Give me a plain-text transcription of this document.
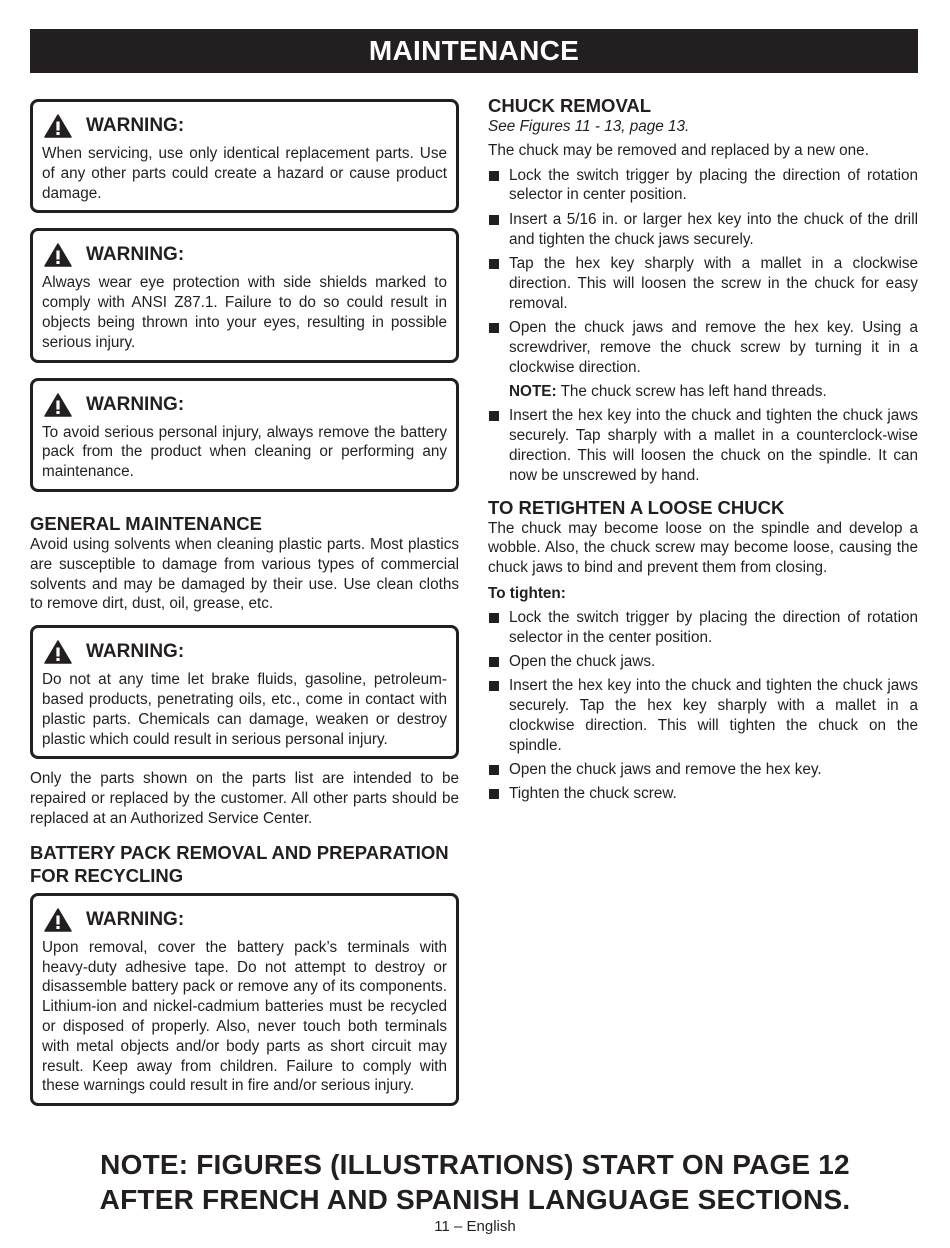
MAINTENANCE
WARNING:
When servicing, use only identical replacement parts. Use of any other parts could create a hazard or cause product damage.
WARNING:
Always wear eye protection with side shields marked to comply with ANSI Z87.1. Failure to do so could result in objects being thrown into your eyes, resulting in possible serious injury.
WARNING:
To avoid serious personal injury, always remove the battery pack from the product when cleaning or performing any maintenance.
GENERAL MAINTENANCE

Avoid using solvents when cleaning plastic parts. Most plastics are susceptible to damage from various types of commercial solvents and may be damaged by their use. Use clean cloths to remove dirt, dust, oil, grease, etc.

WARNING:
Do not at any time let brake fluids, gasoline, petroleum-based products, penetrating oils, etc., come in contact with plastic parts. Chemicals can damage, weaken or destroy plastic which could result in serious personal injury.

Only the parts shown on the parts list are intended to be repaired or replaced by the customer. All other parts should be replaced at an Authorized Service Center.

BATTERY PACK REMOVAL AND PREPARATION FOR RECYCLING
WARNING:
Upon removal, cover the battery pack’s terminals with heavy-duty adhesive tape. Do not attempt to destroy or disassemble battery pack or remove any of its components. Lithium-ion and nickel-cadmium batteries must be recycled or disposed of properly. Also, never touch both terminals with metal objects and/or body parts as short circuit may result. Keep away from children. Failure to comply with these warnings could result in fire and/or serious injury.
CHUCK REMOVAL
See Figures 11 - 13, page 13.

The chuck may be removed and replaced by a new one.

Lock the switch trigger by placing the direction of rotation selector in center position.
Insert a 5/16 in. or larger hex key into the chuck of the drill and tighten the chuck jaws securely.
Tap the hex key sharply with a mallet in a clockwise direction. This will loosen the screw in the chuck for easy removal.
Open the chuck jaws and remove the hex key. Using a screwdriver, remove the chuck screw by turning it in a clockwise direction.
NOTE: The chuck screw has left hand threads.
Insert the hex key into the chuck and tighten the chuck jaws securely. Tap sharply with a mallet in a counterclock-wise direction. This will loosen the chuck on the spindle. It can now be unscrewed by hand.
TO RETIGHTEN A LOOSE CHUCK

The chuck may become loose on the spindle and develop a wobble. Also, the chuck screw may become loose, causing the chuck jaws to bind and prevent them from closing.

To tighten:
Lock the switch trigger by placing the direction of rotation selector in the center position.
Open the chuck jaws.
Insert the hex key into the chuck and tighten the chuck jaws securely. Tap the hex key sharply with a mallet in a clockwise direction. This will tighten the chuck on the spindle.
Open the chuck jaws and remove the hex key.
Tighten the chuck screw.
NOTE: FIGURES (ILLUSTRATIONS) START ON PAGE 12
AFTER FRENCH AND SPANISH LANGUAGE SECTIONS.
11 – English
